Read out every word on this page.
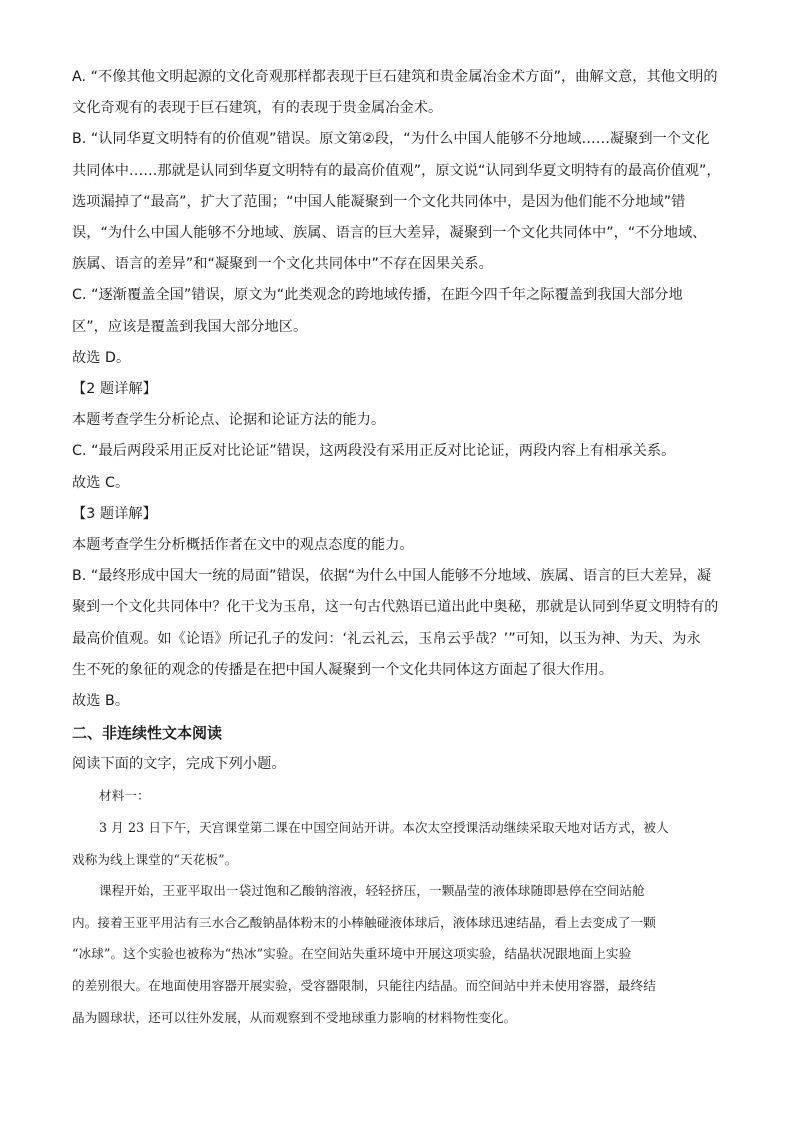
A. “不像其他文明起源的文化奇观那样都表现于巨石建筑和贵金属冶金术方面”，曲解文意，其他文明的

文化奇观有的表现于巨石建筑，有的表现于贵金属冶金术。

B. “认同华夏文明特有的价值观”错误。原文第②段，“为什么中国人能够不分地域……凝聚到一个文化

共同体中……那就是认同到华夏文明特有的最高价值观”，原文说“认同到华夏文明特有的最高价值观”，

选项漏掉了“最高”，扩大了范围；“中国人能凝聚到一个文化共同体中，是因为他们能不分地域”错

误，“为什么中国人能够不分地域、族属、语言的巨大差异，凝聚到一个文化共同体中”，“不分地域、

族属、语言的差异”和“凝聚到一个文化共同体中”不存在因果关系。

C. “逐渐覆盖全国”错误，原文为“此类观念的跨地域传播，在距今四千年之际覆盖到我国大部分地

区”，应该是覆盖到我国大部分地区。

故选 D。

【2 题详解】

本题考查学生分析论点、论据和论证方法的能力。

C. “最后两段采用正反对比论证”错误，这两段没有采用正反对比论证，两段内容上有相承关系。

故选 C。

【3 题详解】

本题考查学生分析概括作者在文中的观点态度的能力。

B. “最终形成中国大一统的局面”错误，依据“为什么中国人能够不分地域、族属、语言的巨大差异，凝

聚到一个文化共同体中？化干戈为玉帛，这一句古代熟语已道出此中奥秘，那就是认同到华夏文明特有的

最高价值观。如《论语》所记孔子的发问：‘礼云礼云，玉帛云乎哉？’”可知，以玉为神、为天、为永

生不死的象征的观念的传播是在把中国人凝聚到一个文化共同体这方面起了很大作用。

故选 B。

二、非连续性文本阅读

阅读下面的文字，完成下列小题。

材料一：

3 月 23 日下午，天宫课堂第二课在中国空间站开讲。本次太空授课活动继续采取天地对话方式，被人

戏称为线上课堂的“天花板”。

课程开始，王亚平取出一袋过饱和乙酸钠溶液，轻轻挤压，一颗晶莹的液体球随即悬停在空间站舱

内。接着王亚平用沾有三水合乙酸钠晶体粉末的小棒触碰液体球后，液体球迅速结晶，看上去变成了一颗

“冰球”。这个实验也被称为“热冰”实验。在空间站失重环境中开展这项实验，结晶状况跟地面上实验

的差别很大。在地面使用容器开展实验，受容器限制，只能往内结晶。而空间站中并未使用容器，最终结

晶为圆球状，还可以往外发展，从而观察到不受地球重力影响的材料物性变化。
